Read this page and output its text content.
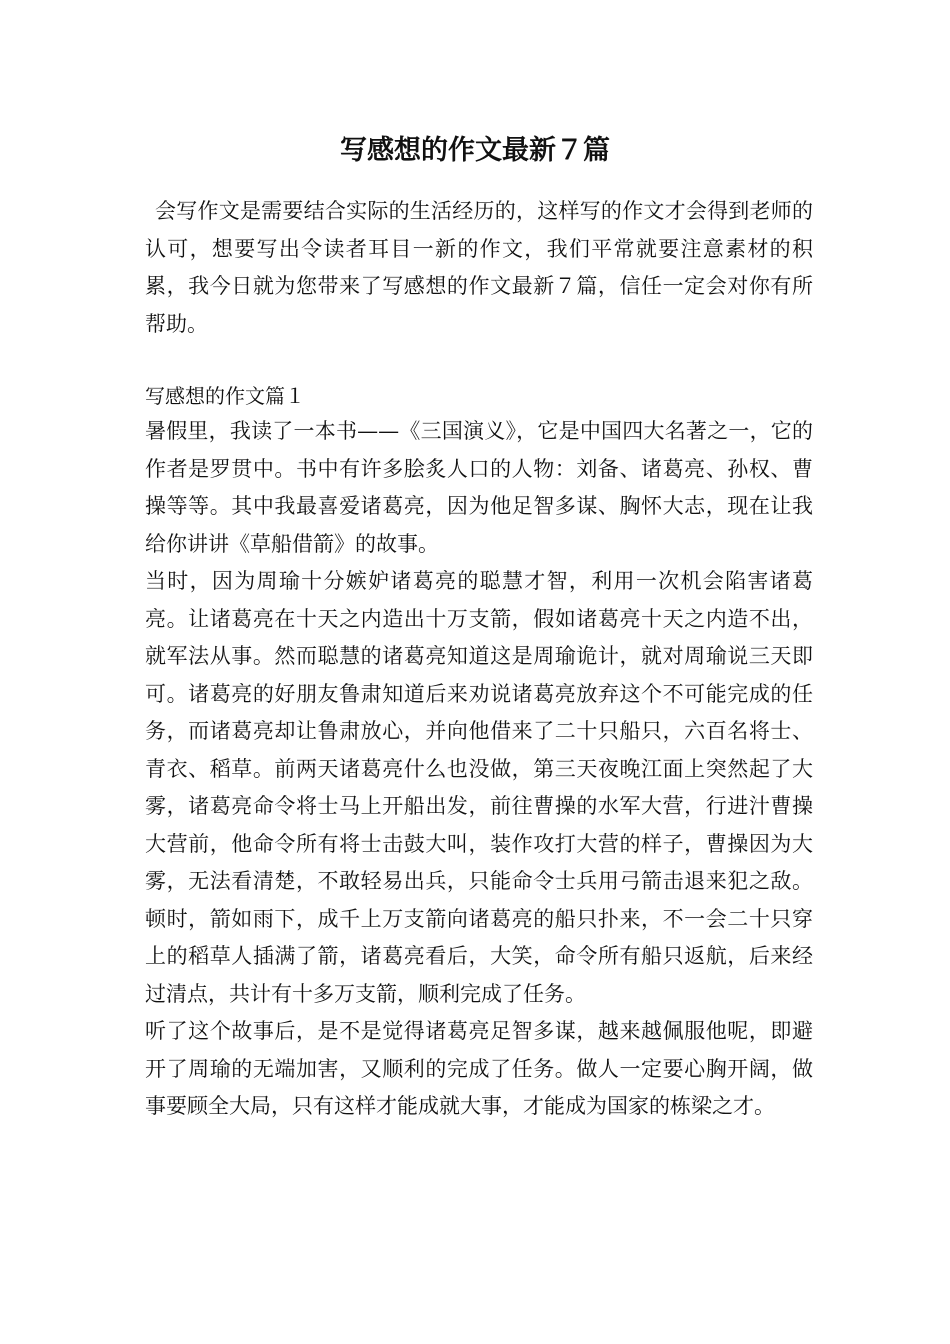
写感想的作文最新７篇

会写作文是需要结合实际的生活经历的，这样写的作文才会得到老师的认可，想要写出令读者耳目一新的作文，我们平常就要注意素材的积累，我今日就为您带来了写感想的作文最新７篇，信任一定会对你有所帮助。

写感想的作文篇１

暑假里，我读了一本书——《三国演义》，它是中国四大名著之一，它的作者是罗贯中。书中有许多脍炙人口的人物：刘备、诸葛亮、孙权、曹操等等。其中我最喜爱诸葛亮，因为他足智多谋、胸怀大志，现在让我给你讲讲《草船借箭》的故事。

当时，因为周瑜十分嫉妒诸葛亮的聪慧才智，利用一次机会陷害诸葛亮。让诸葛亮在十天之内造出十万支箭，假如诸葛亮十天之内造不出，就军法从事。然而聪慧的诸葛亮知道这是周瑜诡计，就对周瑜说三天即可。诸葛亮的好朋友鲁肃知道后来劝说诸葛亮放弃这个不可能完成的任务，而诸葛亮却让鲁肃放心，并向他借来了二十只船只，六百名将士、青衣、稻草。前两天诸葛亮什么也没做，第三天夜晚江面上突然起了大雾，诸葛亮命令将士马上开船出发，前往曹操的水军大营，行进汁曹操大营前，他命令所有将士击鼓大叫，装作攻打大营的样子，曹操因为大雾，无法看清楚，不敢轻易出兵，只能命令士兵用弓箭击退来犯之敌。顿时，箭如雨下，成千上万支箭向诸葛亮的船只扑来，不一会二十只穿上的稻草人插满了箭，诸葛亮看后，大笑，命令所有船只返航，后来经过清点，共计有十多万支箭，顺利完成了任务。

听了这个故事后，是不是觉得诸葛亮足智多谋，越来越佩服他呢，即避开了周瑜的无端加害，又顺利的完成了任务。做人一定要心胸开阔，做事要顾全大局，只有这样才能成就大事，才能成为国家的栋梁之才。
